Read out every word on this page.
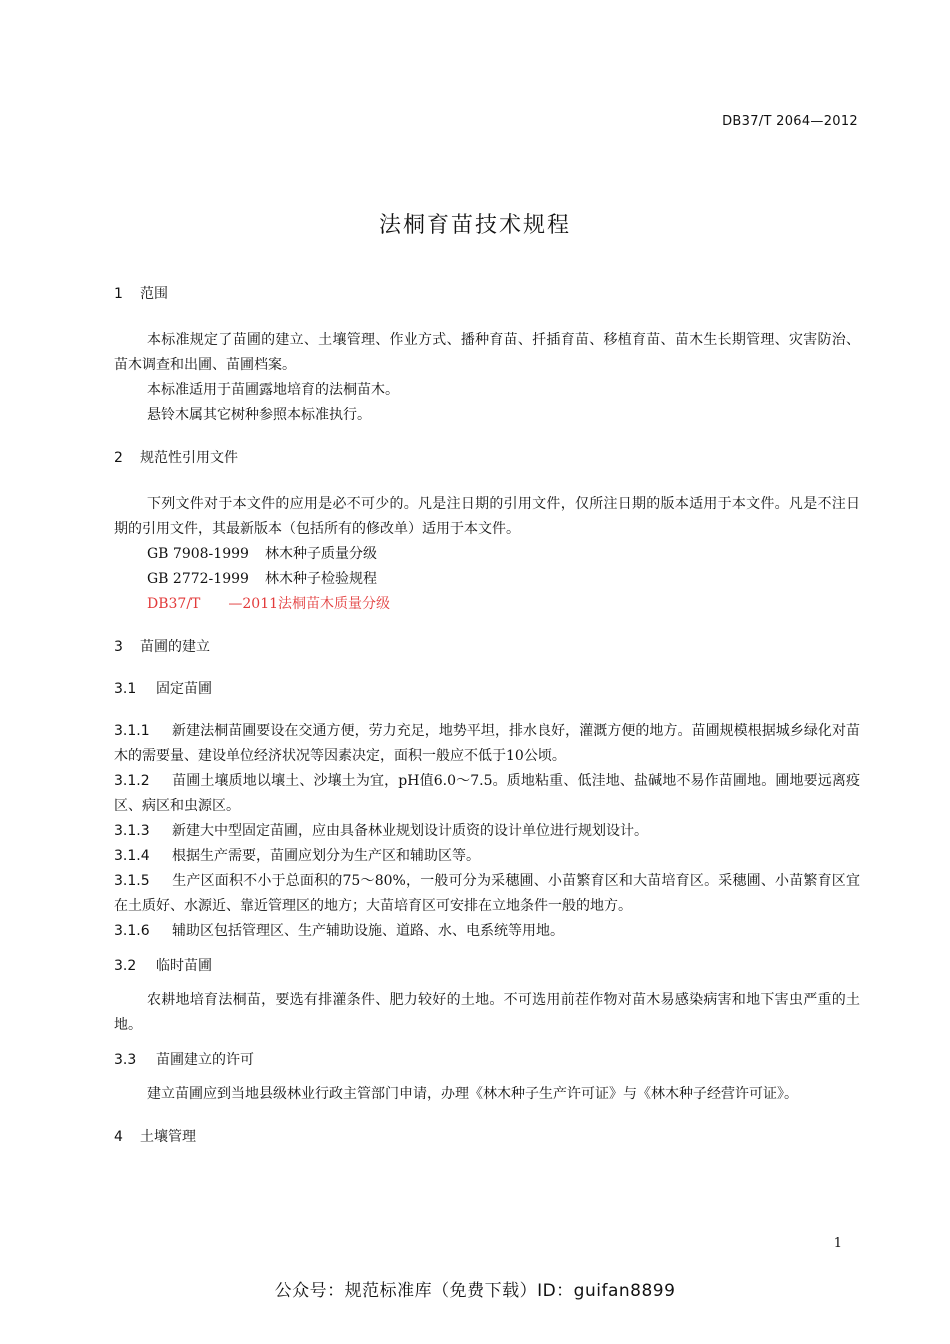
DB37/T 2064—2012
法桐育苗技术规程
1 范围

本标准规定了苗圃的建立、土壤管理、作业方式、播种育苗、扦插育苗、移植育苗、苗木生长期管理、灾害防治、苗木调查和出圃、苗圃档案。

本标准适用于苗圃露地培育的法桐苗木。

悬铃木属其它树种参照本标准执行。

2 规范性引用文件

下列文件对于本文件的应用是必不可少的。凡是注日期的引用文件，仅所注日期的版本适用于本文件。凡是不注日期的引用文件，其最新版本（包括所有的修改单）适用于本文件。

GB 7908-1999 林木种子质量分级
GB 2772-1999 林木种子检验规程
DB37/T　　—2011法桐苗木质量分级
3 苗圃的建立
3.1 固定苗圃

3.1.1 新建法桐苗圃要设在交通方便，劳力充足，地势平坦，排水良好，灌溉方便的地方。苗圃规模根据城乡绿化对苗木的需要量、建设单位经济状况等因素决定，面积一般应不低于10公顷。

3.1.2 苗圃土壤质地以壤土、沙壤土为宜，pH值6.0～7.5。质地粘重、低洼地、盐碱地不易作苗圃地。圃地要远离疫区、病区和虫源区。

3.1.3 新建大中型固定苗圃，应由具备林业规划设计质资的设计单位进行规划设计。

3.1.4 根据生产需要，苗圃应划分为生产区和辅助区等。

3.1.5 生产区面积不小于总面积的75～80%，一般可分为采穗圃、小苗繁育区和大苗培育区。采穗圃、小苗繁育区宜在土质好、水源近、靠近管理区的地方；大苗培育区可安排在立地条件一般的地方。

3.1.6 辅助区包括管理区、生产辅助设施、道路、水、电系统等用地。

3.2 临时苗圃

农耕地培育法桐苗，要选有排灌条件、肥力较好的土地。不可选用前茬作物对苗木易感染病害和地下害虫严重的土地。

3.3 苗圃建立的许可

建立苗圃应到当地县级林业行政主管部门申请，办理《林木种子生产许可证》与《林木种子经营许可证》。

4 土壤管理
1
公众号：规范标准库（免费下载）ID：guifan8899
